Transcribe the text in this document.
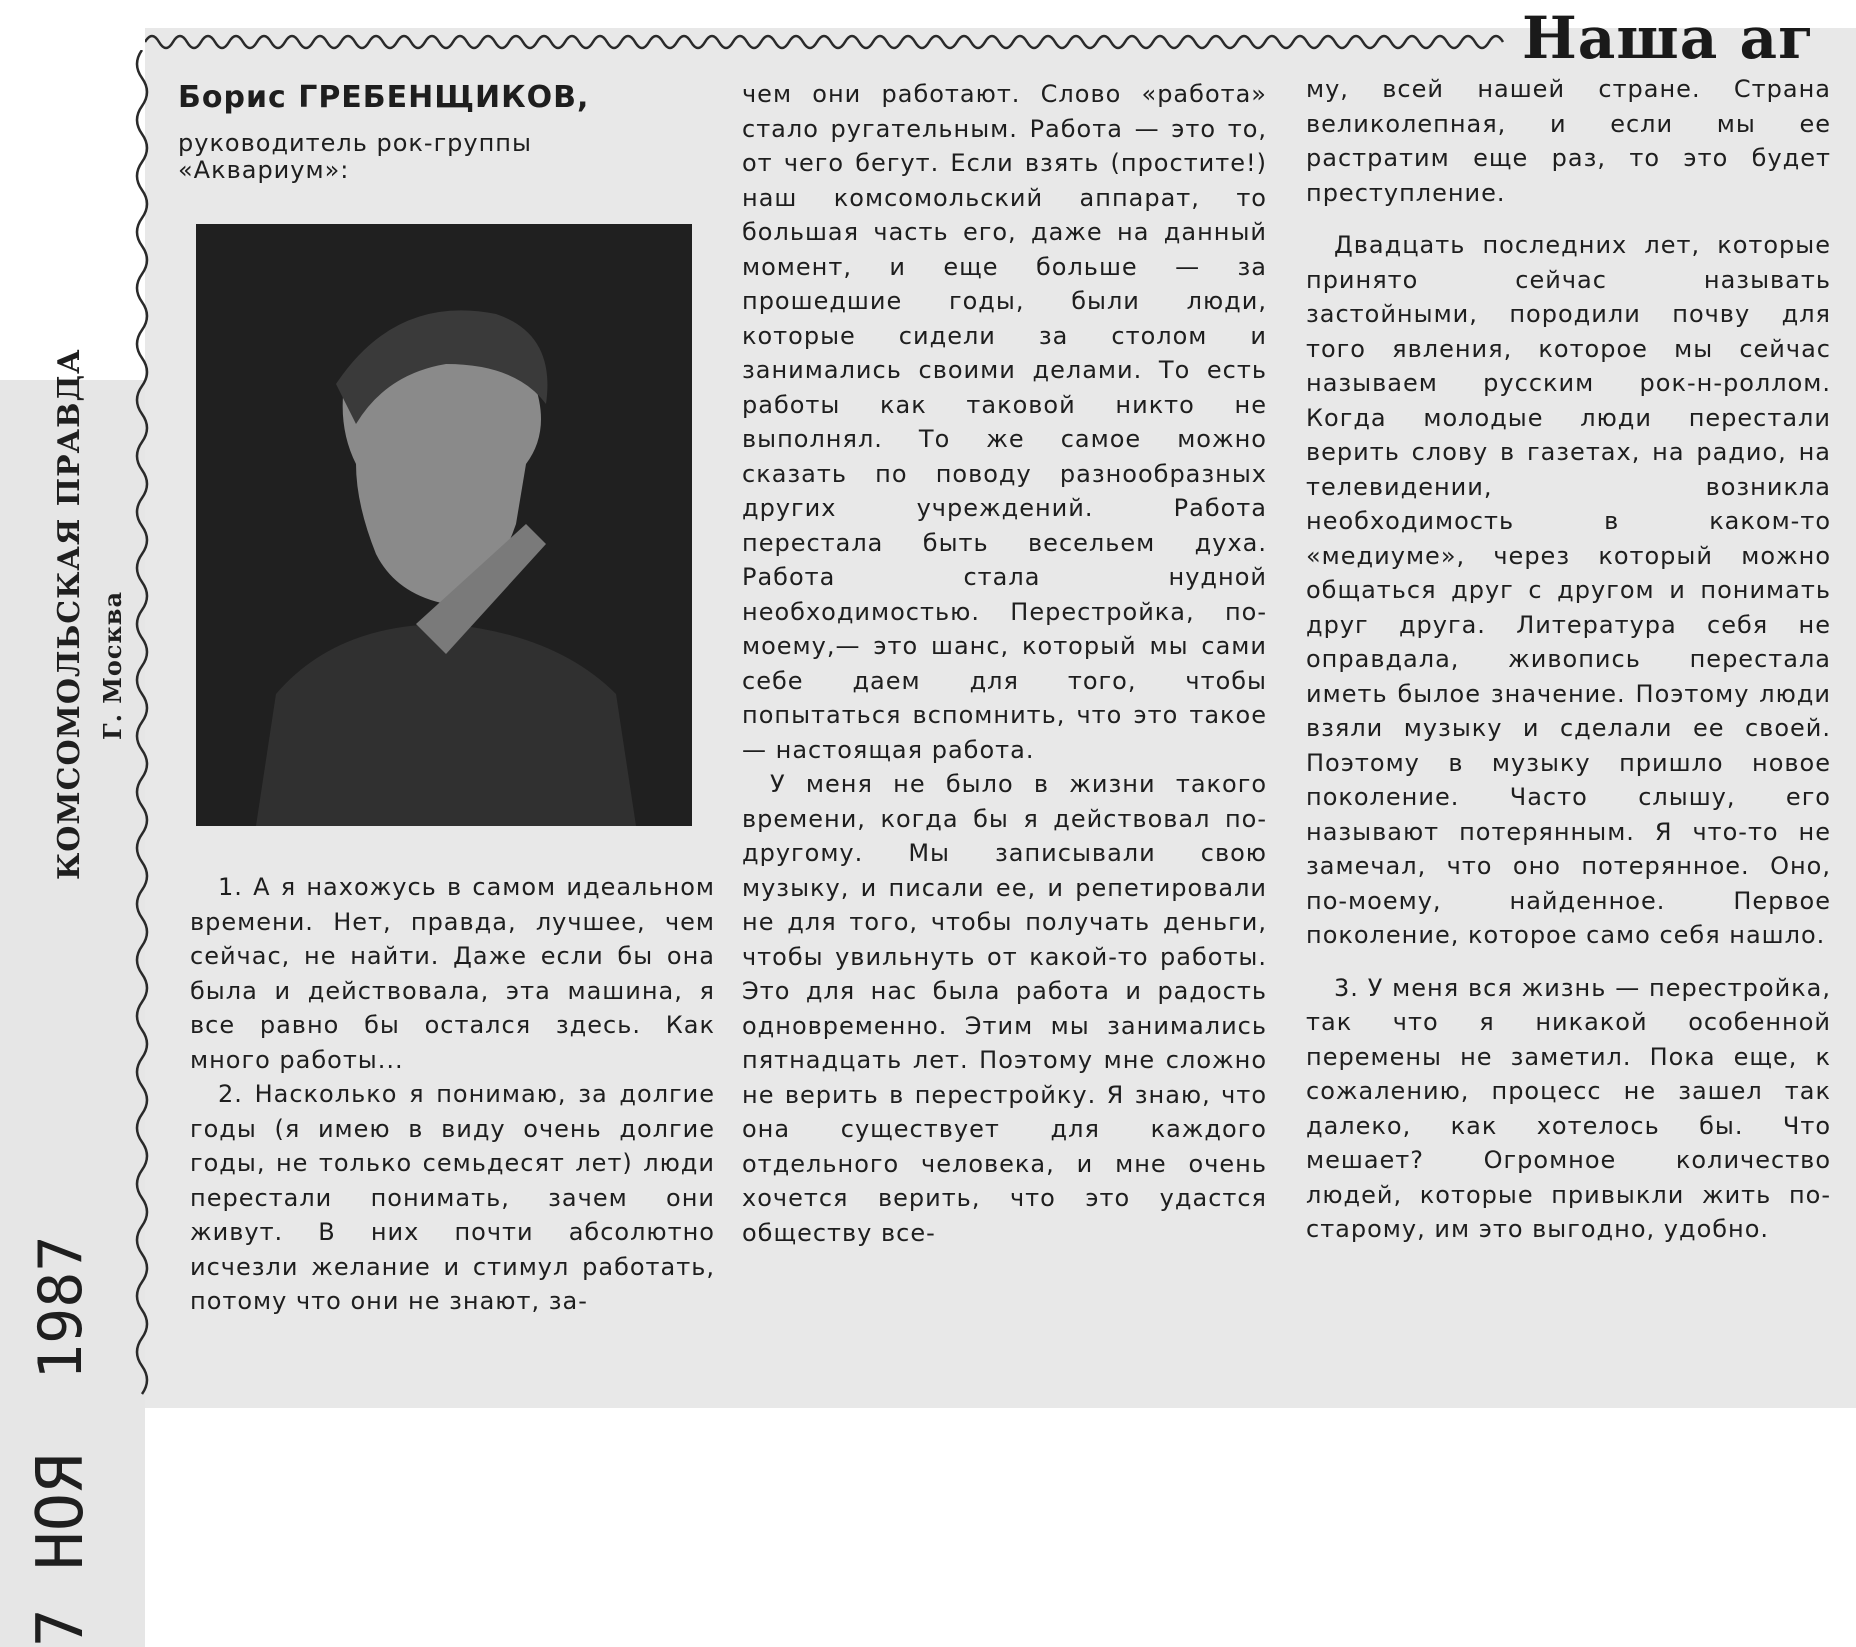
Наша аг
КОМСОМОЛЬСКАЯ ПРАВДА Г. Москва
1987
7 НОЯ
Борис ГРЕБЕНЩИКОВ,
руководитель рок-группы
«Аквариум»:

1. А я нахожусь в самом идеальном времени. Нет, правда, лучшее, чем сейчас, не найти. Даже если бы она была и действовала, эта машина, я все равно бы остался здесь. Как много работы...

2. Насколько я понимаю, за долгие годы (я имею в виду очень долгие годы, не только семьдесят лет) люди перестали понимать, зачем они живут. В них почти абсолютно исчезли желание и стимул работать, потому что они не знают, за-

чем они работают. Слово «работа» стало ругательным. Работа — это то, от чего бегут. Если взять (простите!) наш комсомольский аппарат, то большая часть его, даже на данный момент, и еще больше — за прошедшие годы, были люди, которые сидели за столом и занимались своими делами. То есть работы как таковой никто не выполнял. То же самое можно сказать по поводу разнообразных других учреждений. Работа перестала быть весельем духа. Работа стала нудной необходимостью. Перестройка, по-моему,— это шанс, который мы сами себе даем для того, чтобы попытаться вспомнить, что это такое — настоящая работа.

У меня не было в жизни такого времени, когда бы я действовал по-другому. Мы записывали свою музыку, и писали ее, и репетировали не для того, чтобы получать деньги, чтобы увильнуть от какой-то работы. Это для нас была работа и радость одновременно. Этим мы занимались пятнадцать лет. Поэтому мне сложно не верить в перестройку. Я знаю, что она существует для каждого отдельного человека, и мне очень хочется верить, что это удастся обществу все-

му, всей нашей стране. Страна великолепная, и если мы ее растратим еще раз, то это будет преступление.

Двадцать последних лет, которые принято сейчас называть застойными, породили почву для того явления, которое мы сейчас называем русским рок-н-роллом. Когда молодые люди перестали верить слову в газетах, на радио, на телевидении, возникла необходимость в каком-то «медиуме», через который можно общаться друг с другом и понимать друг друга. Литература себя не оправдала, живопись перестала иметь былое значение. Поэтому люди взяли музыку и сделали ее своей. Поэтому в музыку пришло новое поколение. Часто слышу, его называют потерянным. Я что-то не замечал, что оно потерянное. Оно, по-моему, найденное. Первое поколение, которое само себя нашло.

3. У меня вся жизнь — перестройка, так что я никакой особенной перемены не заметил. Пока еще, к сожалению, процесс не зашел так далеко, как хотелось бы. Что мешает? Огромное количество людей, которые привыкли жить по-старому, им это выгодно, удобно.
